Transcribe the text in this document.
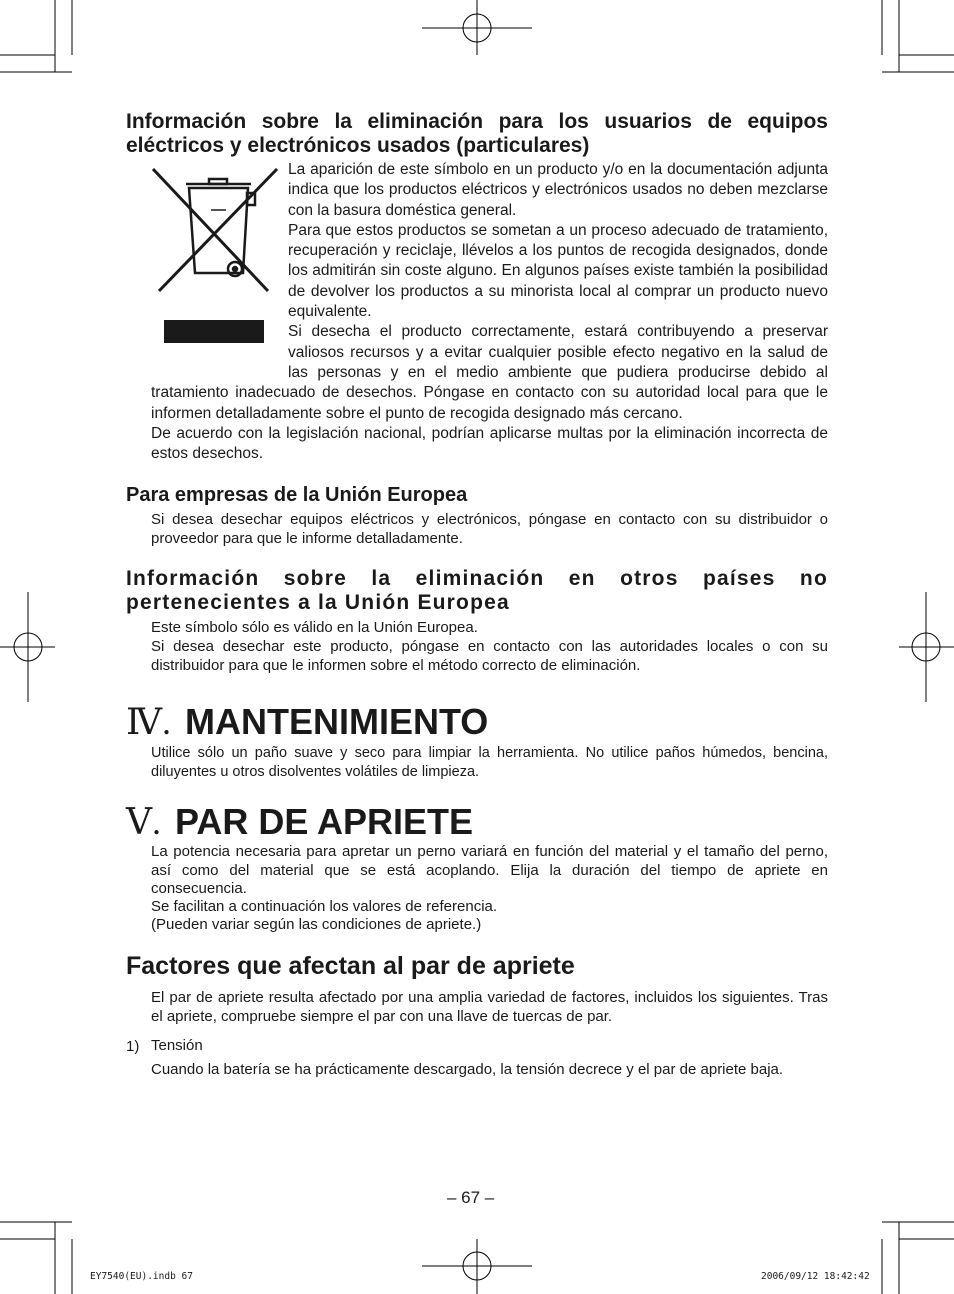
Información sobre la eliminación para los usuarios de equipos eléctricos y electrónicos usados (particulares)

La aparición de este símbolo en un producto y/o en la documentación adjunta indica que los productos eléctricos y electrónicos usados no deben mezclarse con la basura doméstica general.

Para que estos productos se sometan a un proceso adecuado de tratamiento, recuperación y reciclaje, llévelos a los puntos de recogida designados, donde los admitirán sin coste alguno. En algunos países existe también la posibilidad de devolver los productos a su minorista local al comprar un producto nuevo equivalente.

Si desecha el producto correctamente, estará contribuyendo a preservar valiosos recursos y a evitar cualquier posible efecto negativo en la salud de las personas y en el medio ambiente que pudiera producirse debido al tratamiento inadecuado de desechos. Póngase en contacto con su autoridad local para que le informen detalladamente sobre el punto de recogida designado más cercano.

De acuerdo con la legislación nacional, podrían aplicarse multas por la eliminación incorrecta de estos desechos.

Para empresas de la Unión Europea

Si desea desechar equipos eléctricos y electrónicos, póngase en contacto con su distribuidor o proveedor para que le informe detalladamente.

Información sobre la eliminación en otros países no pertenecientes a la Unión Europea

Este símbolo sólo es válido en la Unión Europea.

Si desea desechar este producto, póngase en contacto con las autoridades locales o con su distribuidor para que le informen sobre el método correcto de eliminación.

Ⅳ. MANTENIMIENTO

Utilice sólo un paño suave y seco para limpiar la herramienta. No utilice paños húmedos, bencina, diluyentes u otros disolventes volátiles de limpieza.

Ⅴ. PAR DE APRIETE

La potencia necesaria para apretar un perno variará en función del material y el tamaño del perno, así como del material que se está acoplando. Elija la duración del tiempo de apriete en consecuencia.

Se facilitan a continuación los valores de referencia.

(Pueden variar según las condiciones de apriete.)

Factores que afectan al par de apriete

El par de apriete resulta afectado por una amplia variedad de factores, incluidos los siguientes. Tras el apriete, compruebe siempre el par con una llave de tuercas de par.

1) Tensión

Cuando la batería se ha prácticamente descargado, la tensión decrece y el par de apriete baja.

– 67 –
EY7540(EU).indb 67	2006/09/12 18:42:42
